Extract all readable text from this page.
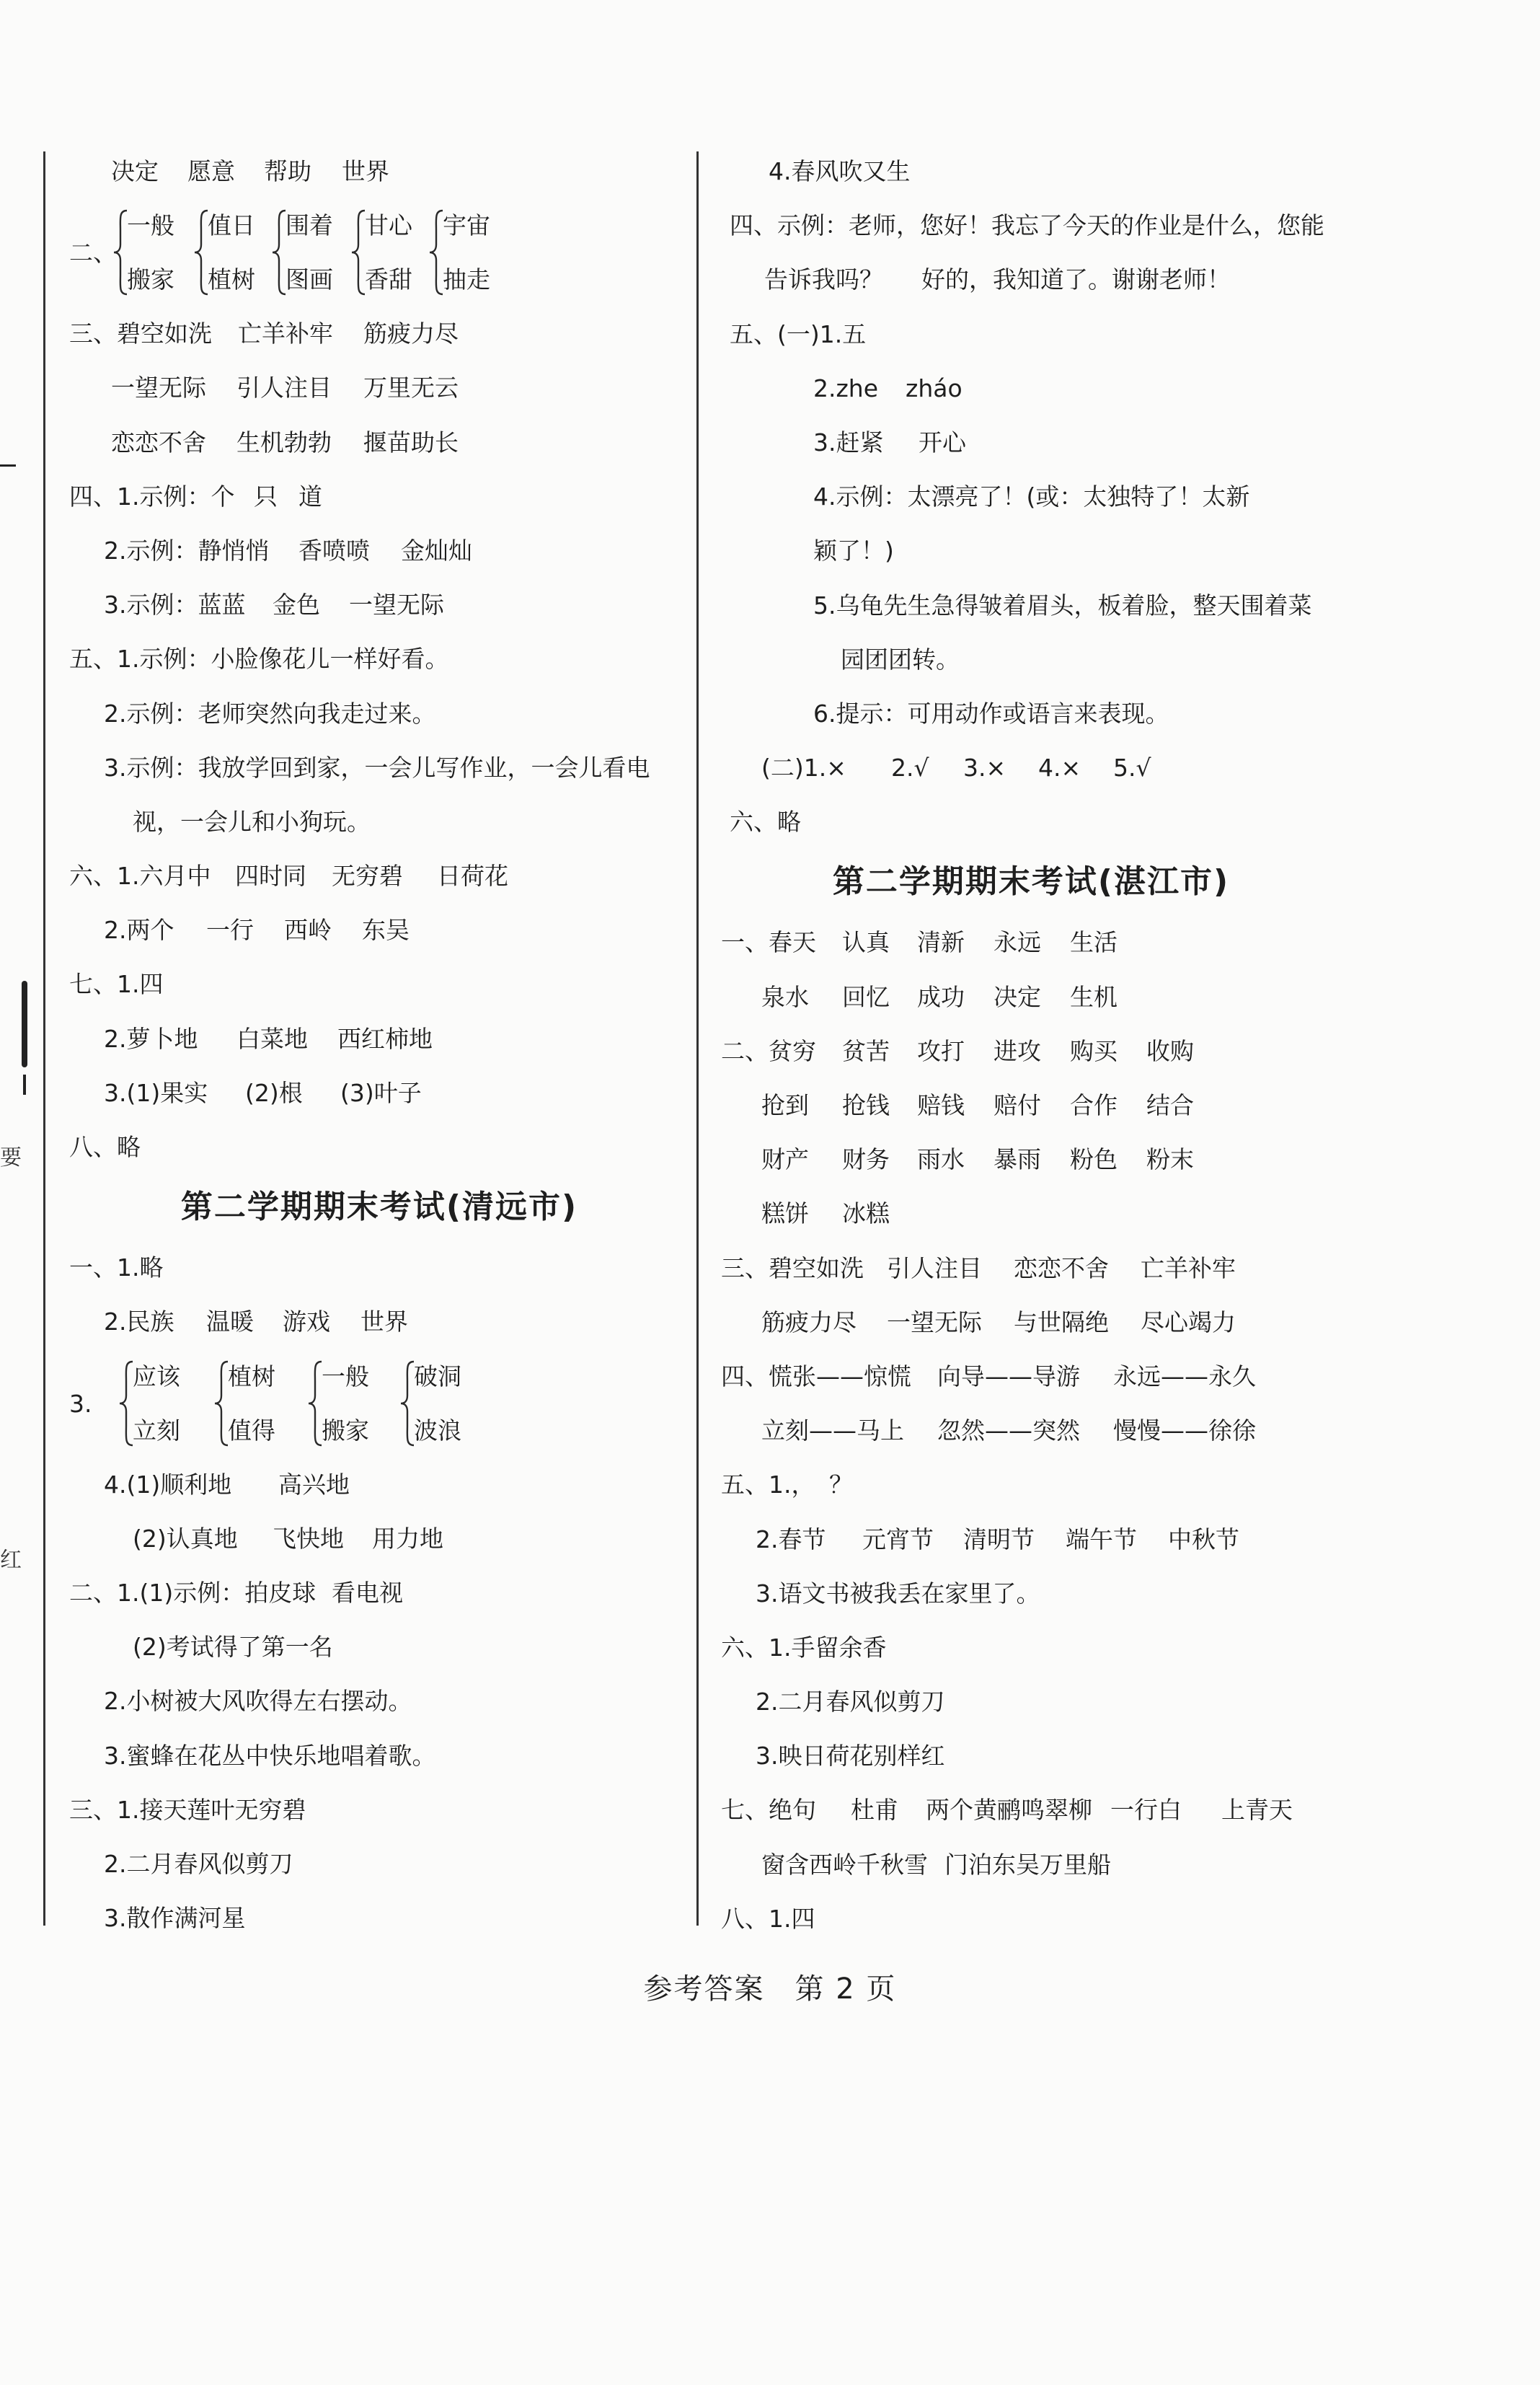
要
红
决定 愿意 帮助 世界
二、
一般
搬家
值日
植树
围着
图画
甘心
香甜
宇宙
抽走
三、碧空如洗 亡羊补牢 筋疲力尽
一望无际 引人注目 万里无云
恋恋不舍 生机勃勃 揠苗助长
四、1.示例：个 只 道
2.示例：静悄悄 香喷喷 金灿灿
3.示例：蓝蓝 金色 一望无际
五、1.示例：小脸像花儿一样好看。
2.示例：老师突然向我走过来。
3.示例：我放学回到家，一会儿写作业，一会儿看电
视，一会儿和小狗玩。
六、1.六月中 四时同 无穷碧 日荷花
2.两个 一行 西岭 东吴
七、1.四
2.萝卜地 白菜地 西红柿地
3.(1)果实 (2)根 (3)叶子
八、略
第二学期期末考试(清远市)
一、1.略
2.民族 温暖 游戏 世界
3.
应该
立刻
植树
值得
一般
搬家
破洞
波浪
4.(1)顺利地 高兴地
(2)认真地 飞快地 用力地
二、1.(1)示例：拍皮球 看电视
(2)考试得了第一名
2.小树被大风吹得左右摆动。
3.蜜蜂在花丛中快乐地唱着歌。
三、1.接天莲叶无穷碧
2.二月春风似剪刀
3.散作满河星
4.春风吹又生
四、示例：老师，您好！我忘了今天的作业是什么，您能
告诉我吗？ 好的，我知道了。谢谢老师！
五、(一)1.五
2.zhe zháo
3.赶紧 开心
4.示例：太漂亮了！(或：太独特了！太新
颖了！)
5.乌龟先生急得皱着眉头，板着脸，整天围着菜
园团团转。
6.提示：可用动作或语言来表现。
(二)1.× 2.√ 3.× 4.× 5.√
六、略
第二学期期末考试(湛江市)
一、春天 认真 清新 永远 生活
泉水 回忆 成功 决定 生机
二、贫穷 贫苦 攻打 进攻 购买 收购
抢到 抢钱 赔钱 赔付 合作 结合
财产 财务 雨水 暴雨 粉色 粉末
糕饼 冰糕
三、碧空如洗 引人注目 恋恋不舍 亡羊补牢
筋疲力尽 一望无际 与世隔绝 尽心竭力
四、慌张——惊慌 向导——导游 永远——永久
立刻——马上 忽然——突然 慢慢——徐徐
五、1.， ？
2.春节 元宵节 清明节 端午节 中秋节
3.语文书被我丢在家里了。
六、1.手留余香
2.二月春风似剪刀
3.映日荷花别样红
七、绝句 杜甫 两个黄鹂鸣翠柳 一行白 上青天
窗含西岭千秋雪 门泊东吴万里船
八、1.四
参考答案　第 2 页
